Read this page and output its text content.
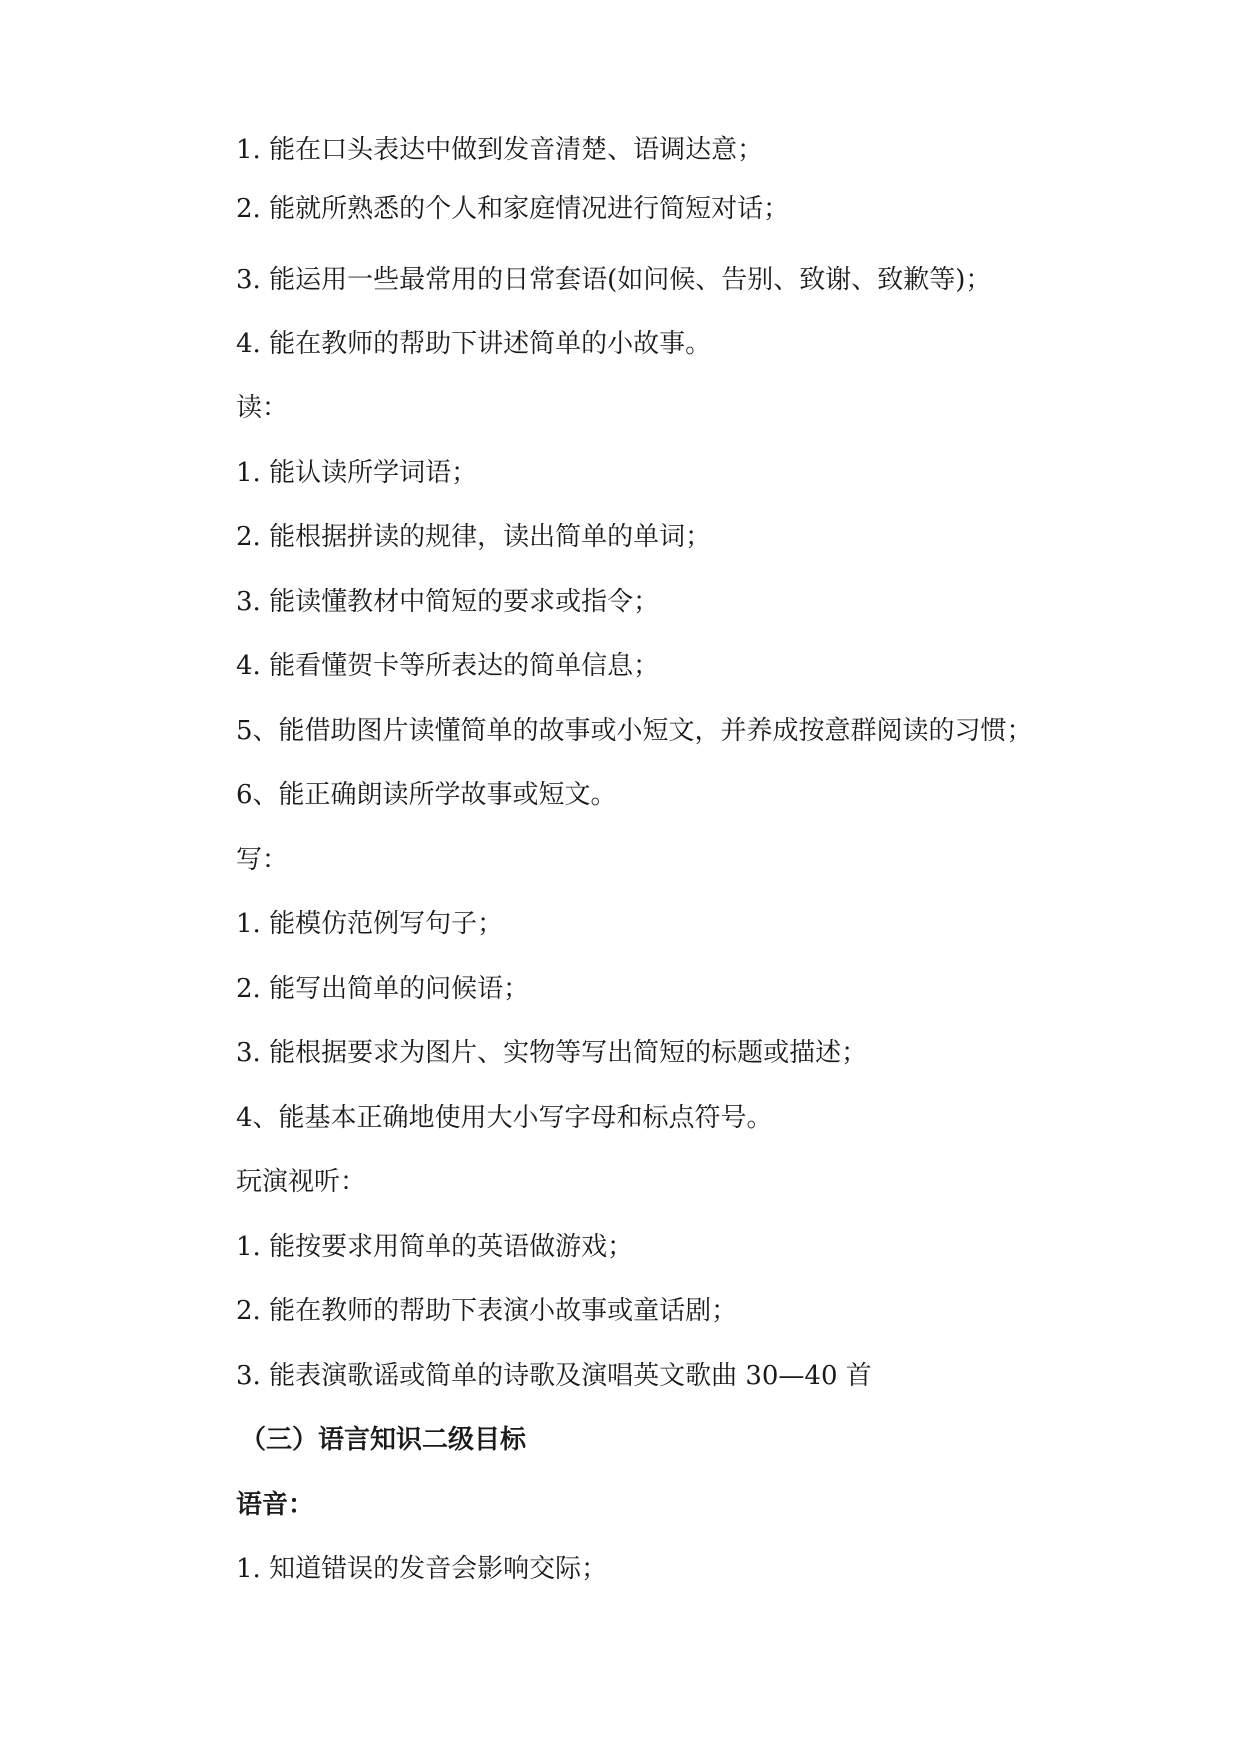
1. 能在口头表达中做到发音清楚、语调达意；
2. 能就所熟悉的个人和家庭情况进行简短对话；
3. 能运用一些最常用的日常套语(如问候、告别、致谢、致歉等)；
4. 能在教师的帮助下讲述简单的小故事。
读：
1. 能认读所学词语；
2. 能根据拼读的规律，读出简单的单词；
3. 能读懂教材中简短的要求或指令；
4. 能看懂贺卡等所表达的简单信息；
5、能借助图片读懂简单的故事或小短文，并养成按意群阅读的习惯；
6、能正确朗读所学故事或短文。
写：
1. 能模仿范例写句子；
2. 能写出简单的问候语；
3. 能根据要求为图片、实物等写出简短的标题或描述；
4、能基本正确地使用大小写字母和标点符号。
玩演视听：
1. 能按要求用简单的英语做游戏；
2. 能在教师的帮助下表演小故事或童话剧；
3. 能表演歌谣或简单的诗歌及演唱英文歌曲 30—40 首
（三）语言知识二级目标
语音：
1. 知道错误的发音会影响交际；
